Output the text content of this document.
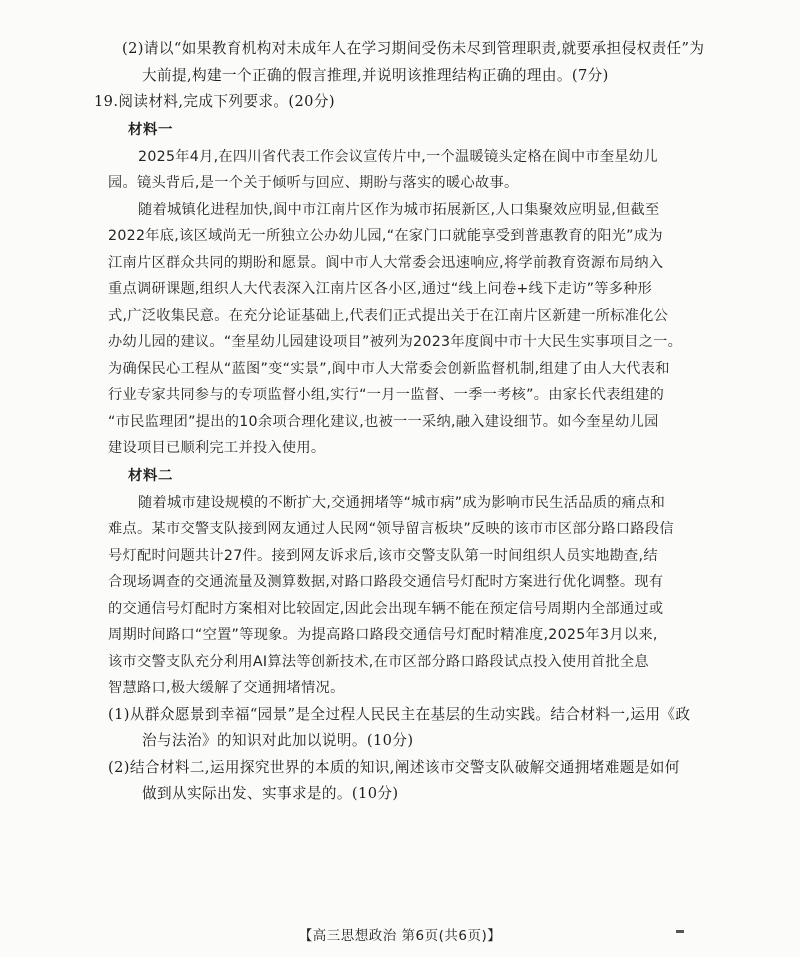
(2)请以“如果教育机构对未成年人在学习期间受伤未尽到管理职责,就要承担侵权责任”为
大前提,构建一个正确的假言推理,并说明该推理结构正确的理由。(7分)
19.阅读材料,完成下列要求。(20分)
材料一
2025年4月,在四川省代表工作会议宣传片中,一个温暖镜头定格在阆中市奎星幼儿
园。镜头背后,是一个关于倾听与回应、期盼与落实的暖心故事。
随着城镇化进程加快,阆中市江南片区作为城市拓展新区,人口集聚效应明显,但截至
2022年底,该区域尚无一所独立公办幼儿园,“在家门口就能享受到普惠教育的阳光”成为
江南片区群众共同的期盼和愿景。阆中市人大常委会迅速响应,将学前教育资源布局纳入
重点调研课题,组织人大代表深入江南片区各小区,通过“线上问卷+线下走访”等多种形
式,广泛收集民意。在充分论证基础上,代表们正式提出关于在江南片区新建一所标准化公
办幼儿园的建议。“奎星幼儿园建设项目”被列为2023年度阆中市十大民生实事项目之一。
为确保民心工程从“蓝图”变“实景”,阆中市人大常委会创新监督机制,组建了由人大代表和
行业专家共同参与的专项监督小组,实行“一月一监督、一季一考核”。由家长代表组建的
“市民监理团”提出的10余项合理化建议,也被一一采纳,融入建设细节。如今奎星幼儿园
建设项目已顺利完工并投入使用。
材料二
随着城市建设规模的不断扩大,交通拥堵等“城市病”成为影响市民生活品质的痛点和
难点。某市交警支队接到网友通过人民网“领导留言板块”反映的该市市区部分路口路段信
号灯配时问题共计27件。接到网友诉求后,该市交警支队第一时间组织人员实地勘查,结
合现场调查的交通流量及测算数据,对路口路段交通信号灯配时方案进行优化调整。现有
的交通信号灯配时方案相对比较固定,因此会出现车辆不能在预定信号周期内全部通过或
周期时间路口“空置”等现象。为提高路口路段交通信号灯配时精准度,2025年3月以来,
该市交警支队充分利用AI算法等创新技术,在市区部分路口路段试点投入使用首批全息
智慧路口,极大缓解了交通拥堵情况。
(1)从群众愿景到幸福“园景”是全过程人民民主在基层的生动实践。结合材料一,运用《政
治与法治》的知识对此加以说明。(10分)
(2)结合材料二,运用探究世界的本质的知识,阐述该市交警支队破解交通拥堵难题是如何
做到从实际出发、实事求是的。(10分)
【高三思想政治 第6页(共6页)】
